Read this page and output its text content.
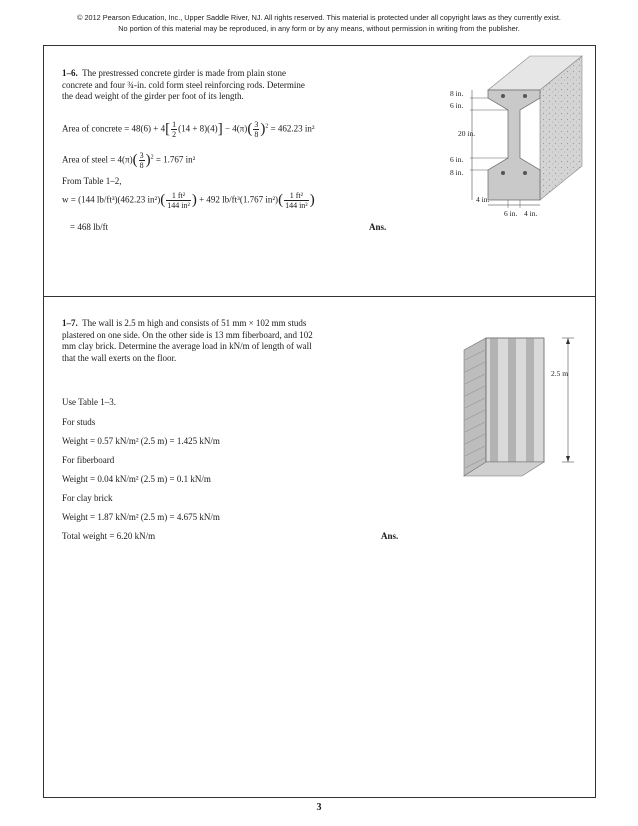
© 2012 Pearson Education, Inc., Upper Saddle River, NJ. All rights reserved. This material is protected under all copyright laws as they currently exist.
No portion of this material may be reproduced, in any form or by any means, without permission in writing from the publisher.
1–6. The prestressed concrete girder is made from plain stone concrete and four ¾-in. cold form steel reinforcing rods. Determine the dead weight of the girder per foot of its length.
Area of concrete = $48(6) + 4[ \frac{1}{2} (14 + 8)(4)] - 4(\pi)( \frac{3}{8} )^2 = 462.23$ in²
Area of steel = $4(\pi)( \frac{3}{8} )^2 = 1.767$ in²
From Table 1–2,
w = (144 lb/ft³)(462.23 $in^2)( \frac{\text{1 ft²}}{\text{144 in²}}$ ) + 492 lb/ft³(1.767 $in^2)( \frac{\text{1 ft²}}{\text{144 in²}}$ )
= 468 lb/ft	Ans.
8 in.
6 in.
20 in.
6 in.
8 in.
4 in.
6 in. 4 in.
1–7. The wall is 2.5 m high and consists of 51 mm × 102 mm studs plastered on one side. On the other side is 13 mm fiberboard, and 102 mm clay brick. Determine the average load in kN/m of length of wall that the wall exerts on the floor.
Use Table 1–3.
For studs
Weight = 0.57 kN/m² (2.5 m) = 1.425 kN/m
For fiberboard
Weight = 0.04 kN/m² (2.5 m) = 0.1 kN/m
For clay brick
Weight = 1.87 kN/m² (2.5 m) = 4.675 kN/m
Total weight = 6.20 kN/m	Ans.
2.5 m
3
